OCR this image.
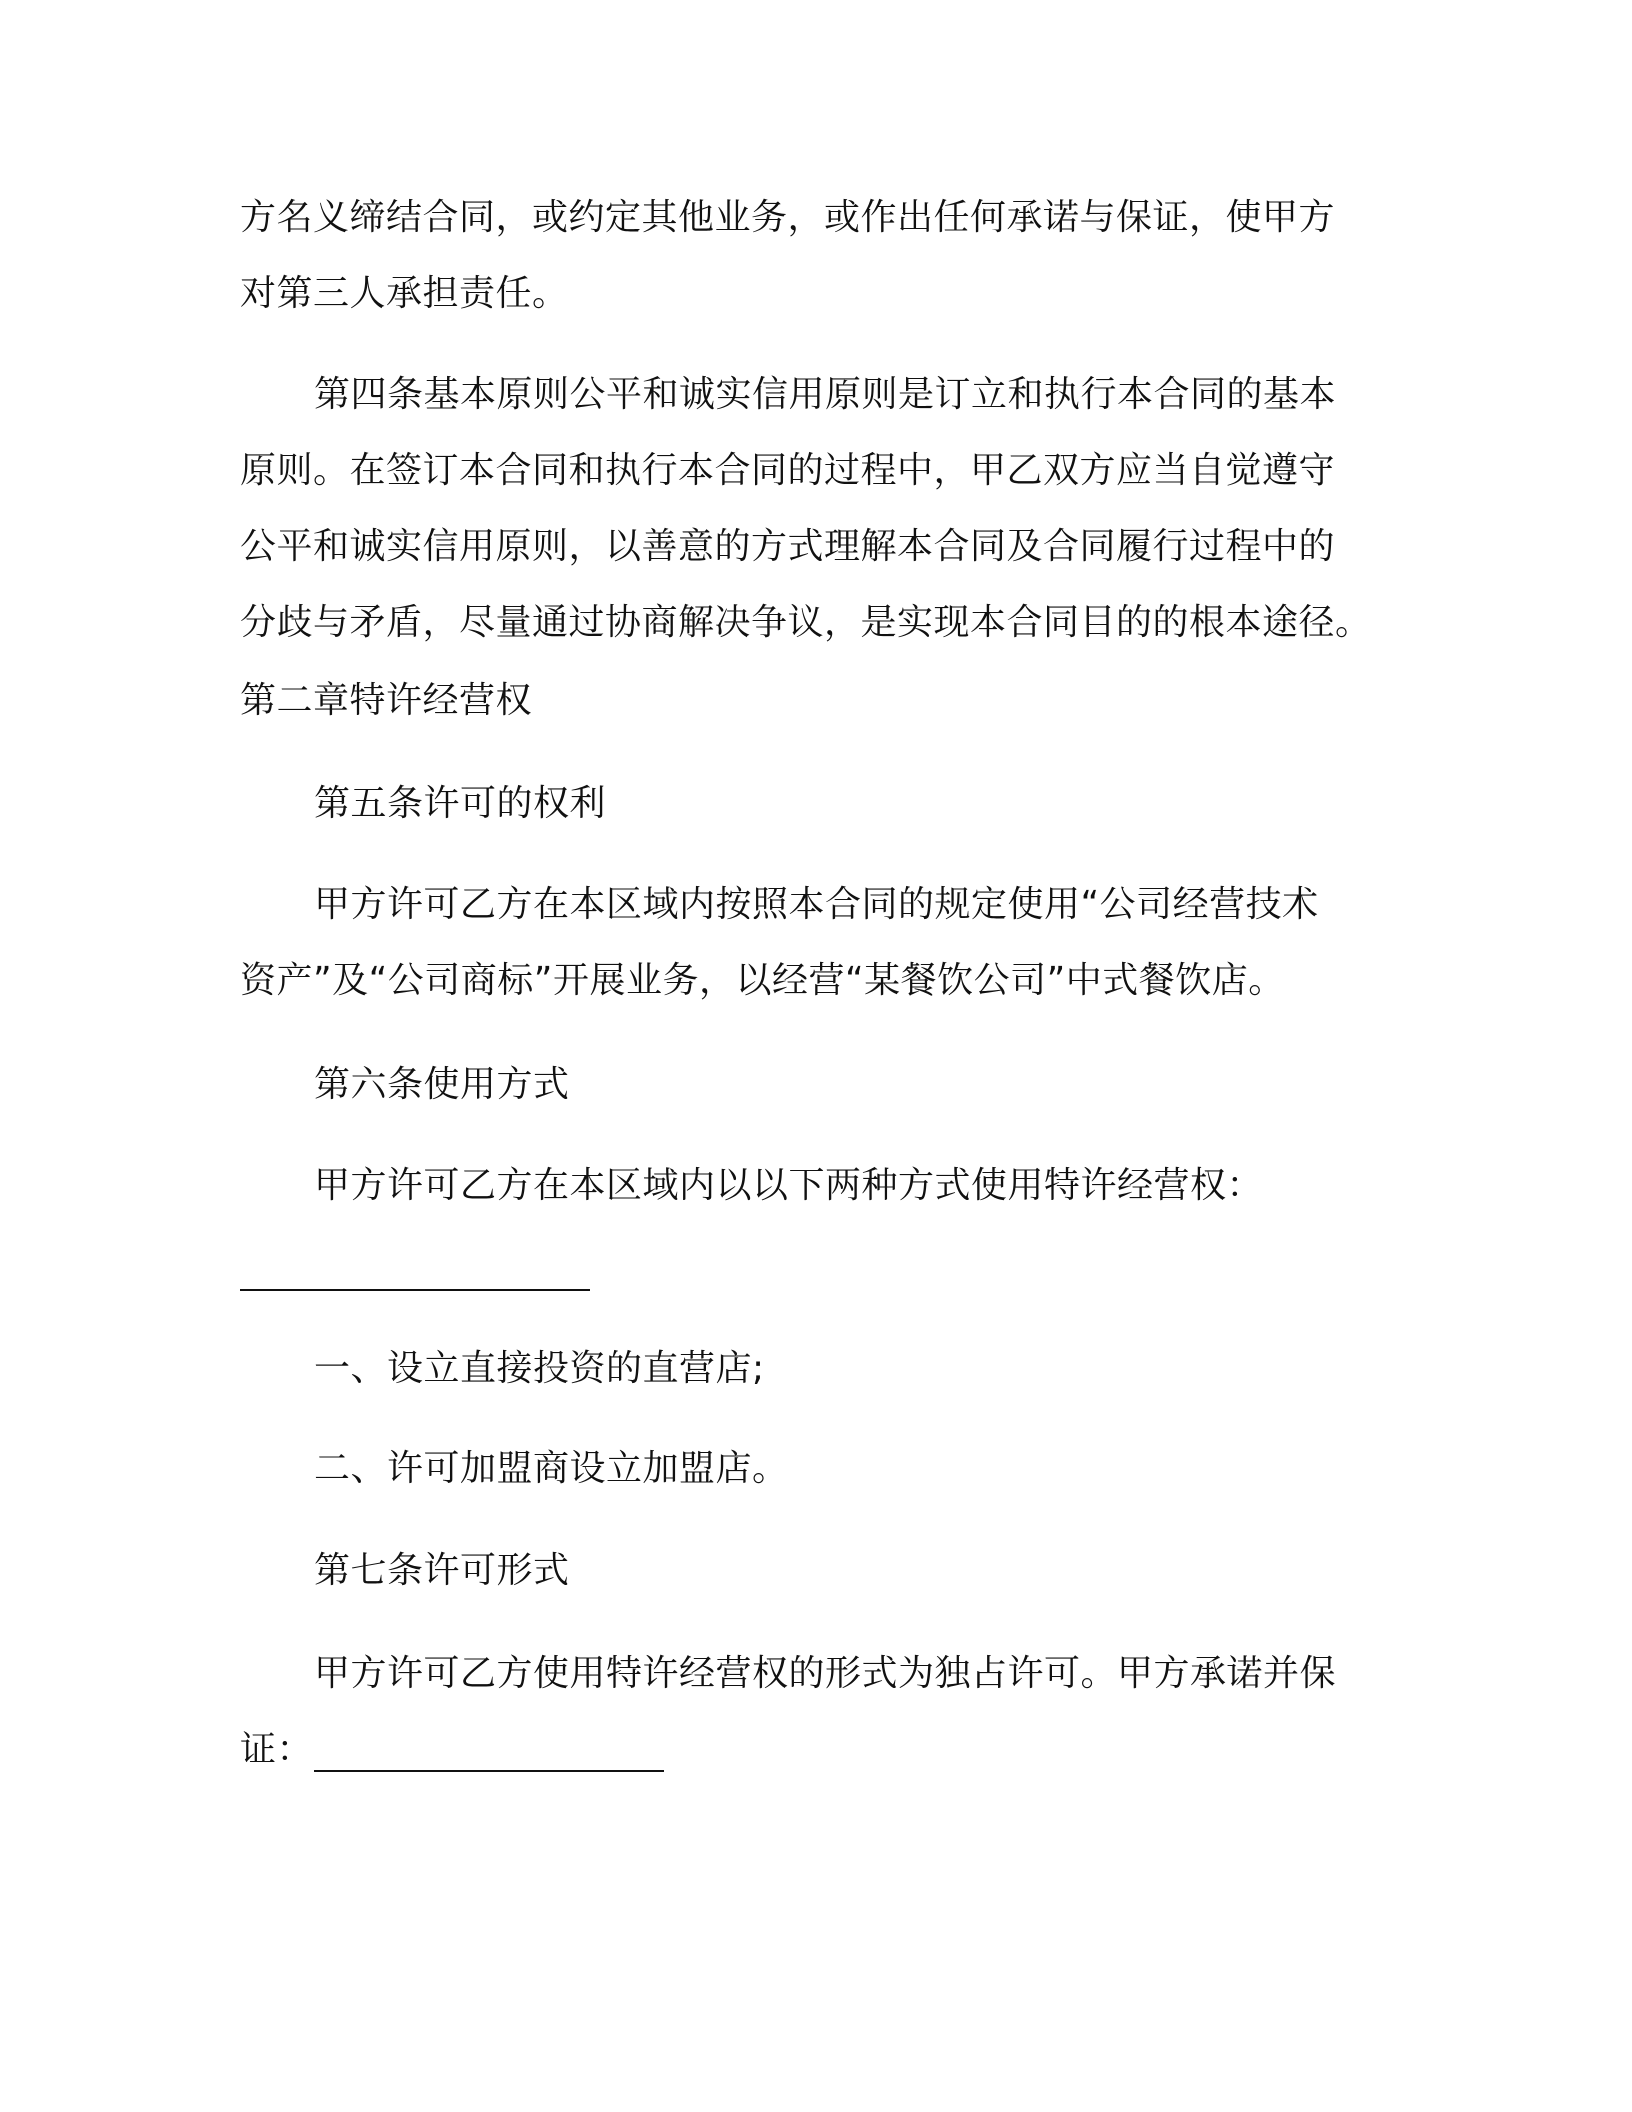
方名义缔结合同，或约定其他业务，或作出任何承诺与保证，使甲方
对第三人承担责任。
第四条基本原则公平和诚实信用原则是订立和执行本合同的基本
原则。在签订本合同和执行本合同的过程中，甲乙双方应当自觉遵守
公平和诚实信用原则，以善意的方式理解本合同及合同履行过程中的
分歧与矛盾，尽量通过协商解决争议，是实现本合同目的的根本途径。
第二章特许经营权
第五条许可的权利
甲方许可乙方在本区域内按照本合同的规定使用“公司经营技术
资产”及“公司商标”开展业务，以经营“某餐饮公司”中式餐饮店。
第六条使用方式
甲方许可乙方在本区域内以以下两种方式使用特许经营权：
一、设立直接投资的直营店;
二、许可加盟商设立加盟店。
第七条许可形式
甲方许可乙方使用特许经营权的形式为独占许可。甲方承诺并保
证：
